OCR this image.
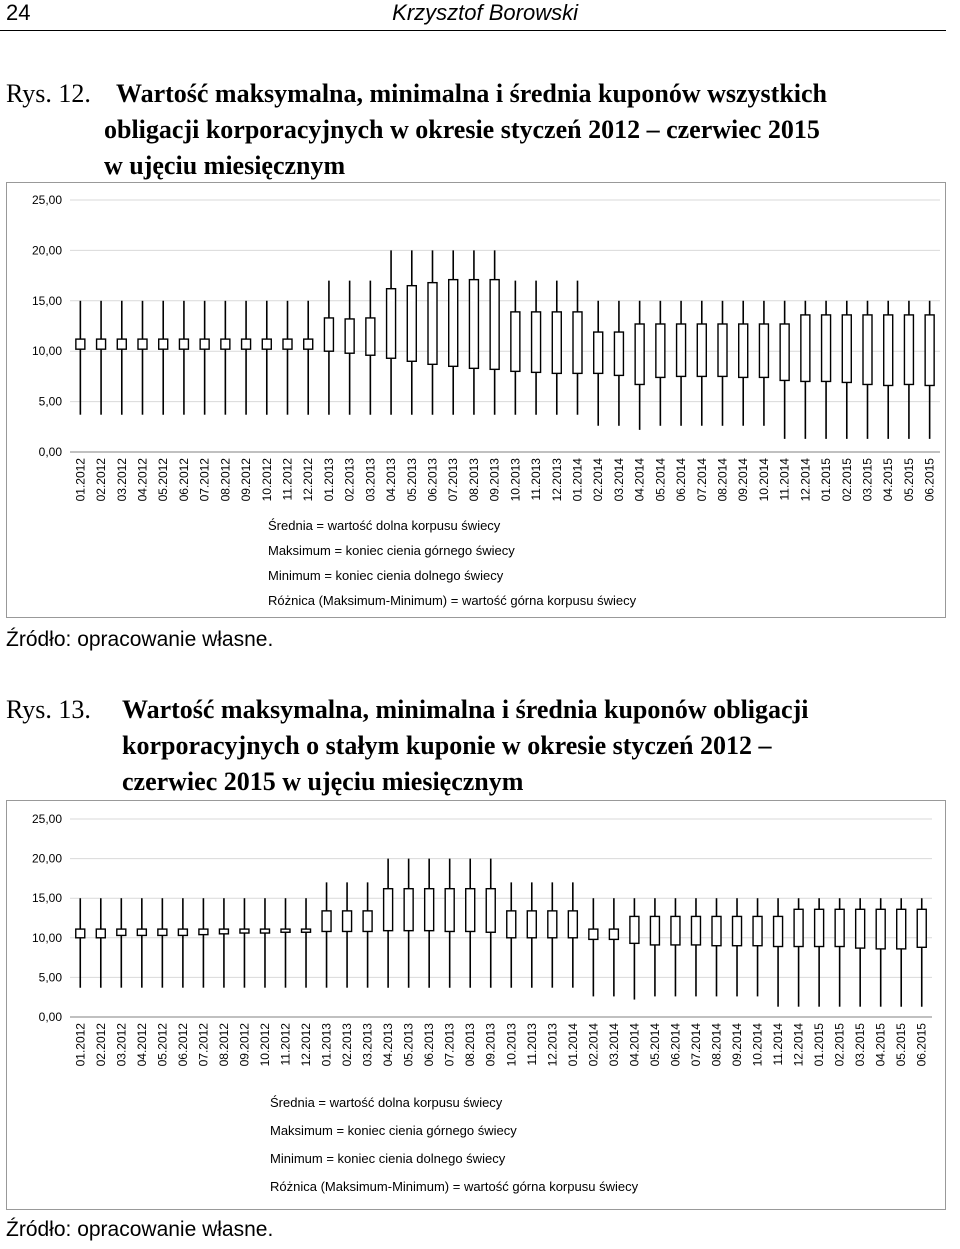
24	Krzysztof Borowski
Rys. 12. Wartość maksymalna, minimalna i średnia kuponów wszystkich
obligacji korporacyjnych w okresie styczeń 2012 – czerwiec 2015
w ujęciu miesięcznym
0,00
5,00
10,00
15,00
20,00
25,00
01.2012 02.2012 03.2012 04.2012 05.2012 06.2012 07.2012 08.2012 09.2012 10.2012 11.2012 12.2012 01.2013 02.2013 03.2013 04.2013 05.2013 06.2013 07.2013 08.2013 09.2013 10.2013 11.2013 12.2013 01.2014 02.2014 03.2014 04.2014 05.2014 06.2014 07.2014 08.2014 09.2014 10.2014 11.2014 12.2014 01.2015 02.2015 03.2015 04.2015 05.2015 06.2015
Średnia = wartość dolna korpusu świecy
Maksimum = koniec cienia górnego świecy
Minimum = koniec cienia dolnego świecy
Różnica (Maksimum-Minimum) = wartość górna korpusu świecy
Źródło: opracowanie własne.
Rys. 13. Wartość maksymalna, minimalna i średnia kuponów obligacji
korporacyjnych o stałym kuponie w okresie styczeń 2012 –
czerwiec 2015 w ujęciu miesięcznym
0,00
5,00
10,00
15,00
20,00
25,00
01.2012 02.2012 03.2012 04.2012 05.2012 06.2012 07.2012 08.2012 09.2012 10.2012 11.2012 12.2012 01.2013 02.2013 03.2013 04.2013 05.2013 06.2013 07.2013 08.2013 09.2013 10.2013 11.2013 12.2013 01.2014 02.2014 03.2014 04.2014 05.2014 06.2014 07.2014 08.2014 09.2014 10.2014 11.2014 12.2014 01.2015 02.2015 03.2015 04.2015 05.2015 06.2015
Średnia = wartość dolna korpusu świecy
Maksimum = koniec cienia górnego świecy
Minimum = koniec cienia dolnego świecy
Różnica (Maksimum-Minimum) = wartość górna korpusu świecy
Źródło: opracowanie własne.
